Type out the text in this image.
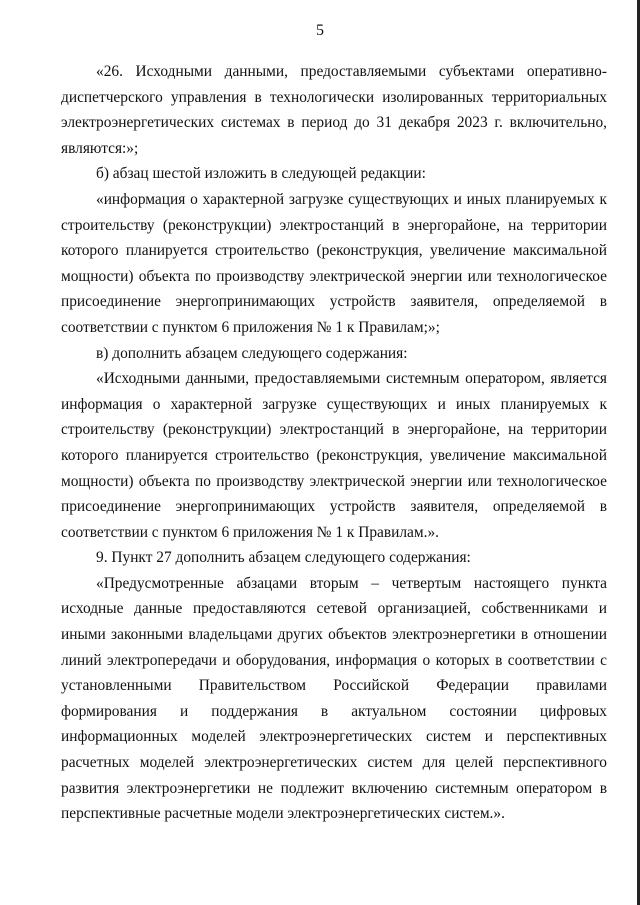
5

«26. Исходными данными, предоставляемыми субъектами оперативно-диспетчерского управления в технологически изолированных территориальных электроэнергетических системах в период до 31 декабря 2023 г. включительно, являются:»;

б) абзац шестой изложить в следующей редакции:

«информация о характерной загрузке существующих и иных планируемых к строительству (реконструкции) электростанций в энергорайоне, на территории которого планируется строительство (реконструкция, увеличение максимальной мощности) объекта по производству электрической энергии или технологическое присоединение энергопринимающих устройств заявителя, определяемой в соответствии с пунктом 6 приложения № 1 к Правилам;»;

в) дополнить абзацем следующего содержания:

«Исходными данными, предоставляемыми системным оператором, является информация о характерной загрузке существующих и иных планируемых к строительству (реконструкции) электростанций в энергорайоне, на территории которого планируется строительство (реконструкция, увеличение максимальной мощности) объекта по производству электрической энергии или технологическое присоединение энергопринимающих устройств заявителя, определяемой в соответствии с пунктом 6 приложения № 1 к Правилам.».

9. Пункт 27 дополнить абзацем следующего содержания:

«Предусмотренные абзацами вторым – четвертым настоящего пункта исходные данные предоставляются сетевой организацией, собственниками и иными законными владельцами других объектов электроэнергетики в отношении линий электропередачи и оборудования, информация о которых в соответствии с установленными Правительством Российской Федерации правилами формирования и поддержания в актуальном состоянии цифровых информационных моделей электроэнергетических систем и перспективных расчетных моделей электроэнергетических систем для целей перспективного развития электроэнергетики не подлежит включению системным оператором в перспективные расчетные модели электроэнергетических систем.».
